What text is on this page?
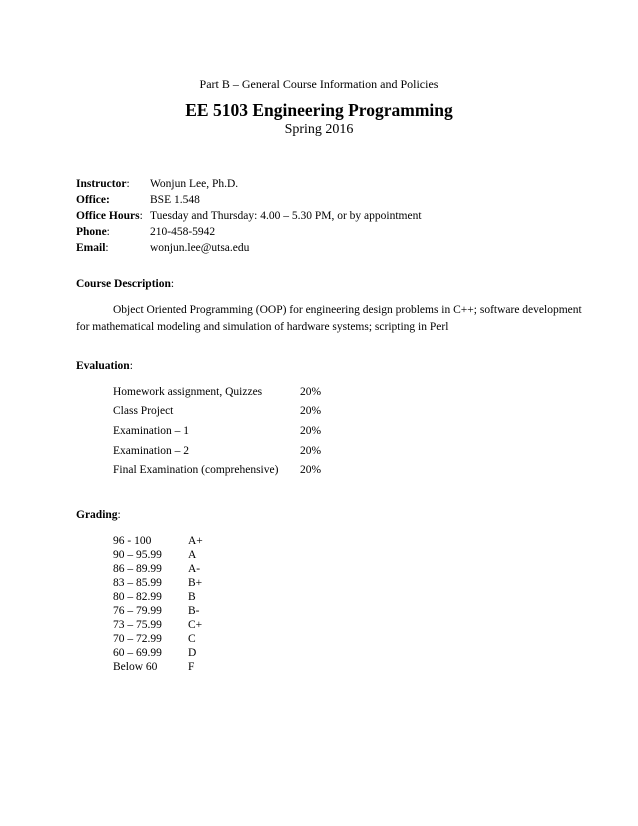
Part B – General Course Information and Policies
EE 5103 Engineering Programming
Spring 2016
Instructor: Wonjun Lee, Ph.D.
Office:	BSE 1.548
Office Hours: Tuesday and Thursday: 4.00 – 5.30 PM, or by appointment
Phone:	210-458-5942
Email:	wonjun.lee@utsa.edu
Course Description:
Object Oriented Programming (OOP) for engineering design problems in C++; software development
for mathematical modeling and simulation of hardware systems; scripting in Perl
Evaluation:
Homework assignment, Quizzes	20%
Class Project	20%
Examination – 1	20%
Examination – 2	20%
Final Examination (comprehensive) 20%
Grading:
96 - 100	A+
90 – 95.99 A
86 – 89.99 A-
83 – 85.99 B+
80 – 82.99 B
76 – 79.99 B-
73 – 75.99 C+
70 – 72.99 C
60 – 69.99 D
Below 60	F
